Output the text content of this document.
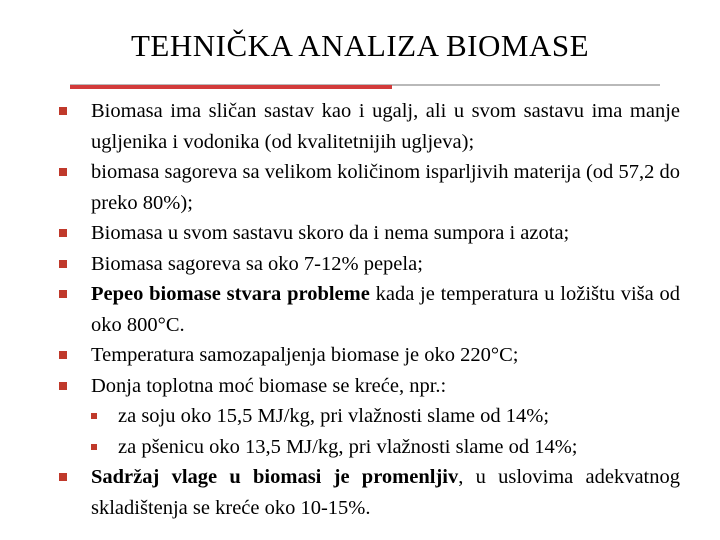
TEHNIČKA ANALIZA BIOMASE
Biomasa ima sličan sastav kao i ugalj, ali u svom sastavu ima manje ugljenika i vodonika (od kvalitetnijih uglјeva);
biomasa sagoreva sa velikom količinom isparljivih materija (od 57,2 do preko 80%);
Biomasa u svom sastavu skoro da i nema sumpora i azota;
Biomasa sagoreva sa oko 7-12% pepela;
Pepeo biomase stvara probleme kada je temperatura u ložištu viša od oko 800°C.
Temperatura samozapaljenja biomase je oko 220°C;
Donja toplotna moć biomase se kreće, npr.:
za soju oko 15,5 MJ/kg, pri vlažnosti slame od 14%;
za pšenicu oko 13,5 MJ/kg, pri vlažnosti slame od 14%;
Sadržaj vlage u biomasi je promenljiv, u uslovima adekvatnog skladištenja se kreće oko 10-15%.
